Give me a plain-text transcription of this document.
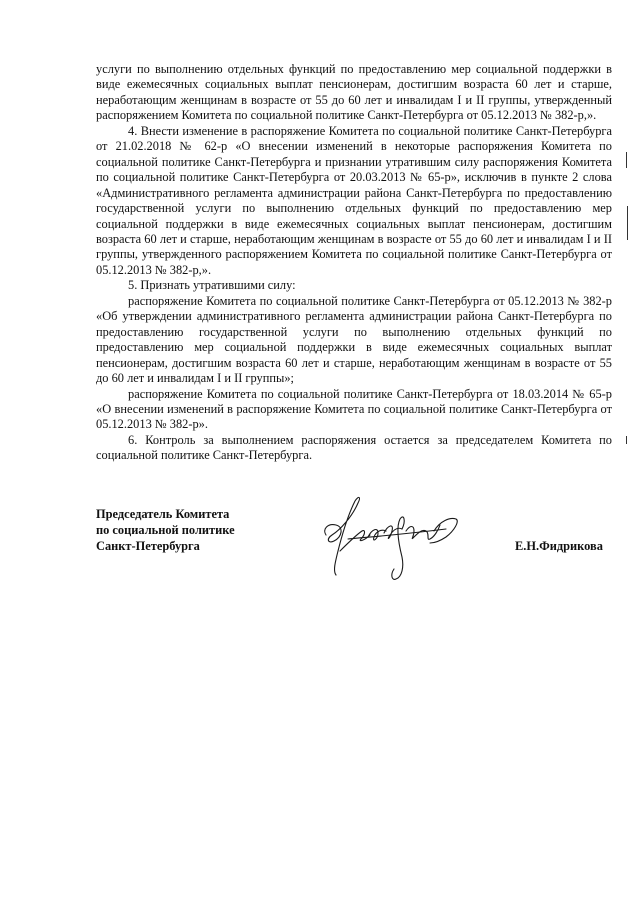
услуги по выполнению отдельных функций по предоставлению мер социальной поддержки в виде ежемесячных социальных выплат пенсионерам, достигшим возраста 60 лет и старше, неработающим женщинам в возрасте от 55 до 60 лет и инвалидам I и II группы, утвержденный распоряжением Комитета по социальной политике Санкт-Петербурга от 05.12.2013 № 382-р,».

4. Внести изменение в распоряжение Комитета по социальной политике Санкт-Петербурга от 21.02.2018 № 62-р «О внесении изменений в некоторые распоряжения Комитета по социальной политике Санкт-Петербурга и признании утратившим силу распоряжения Комитета по социальной политике Санкт-Петербурга от 20.03.2013 № 65-р», исключив в пункте 2 слова «Административного регламента администрации района Санкт-Петербурга по предоставлению государственной услуги по выполнению отдельных функций по предоставлению мер социальной поддержки в виде ежемесячных социальных выплат пенсионерам, достигшим возраста 60 лет и старше, неработающим женщинам в возрасте от 55 до 60 лет и инвалидам I и II группы, утвержденного распоряжением Комитета по социальной политике Санкт-Петербурга от 05.12.2013 № 382-р,».

5. Признать утратившими силу:

распоряжение Комитета по социальной политике Санкт-Петербурга от 05.12.2013 № 382-р «Об утверждении административного регламента администрации района Санкт-Петербурга по предоставлению государственной услуги по выполнению отдельных функций по предоставлению мер социальной поддержки в виде ежемесячных социальных выплат пенсионерам, достигшим возраста 60 лет и старше, неработающим женщинам в возрасте от 55 до 60 лет и инвалидам I и II группы»;

распоряжение Комитета по социальной политике Санкт-Петербурга от 18.03.2014 № 65-р «О внесении изменений в распоряжение Комитета по социальной политике Санкт-Петербурга от 05.12.2013 № 382-р».

6. Контроль за выполнением распоряжения остается за председателем Комитета по социальной политике Санкт-Петербурга.

Председатель Комитета
по социальной политике
Санкт-Петербурга	Е.Н.Фидрикова
